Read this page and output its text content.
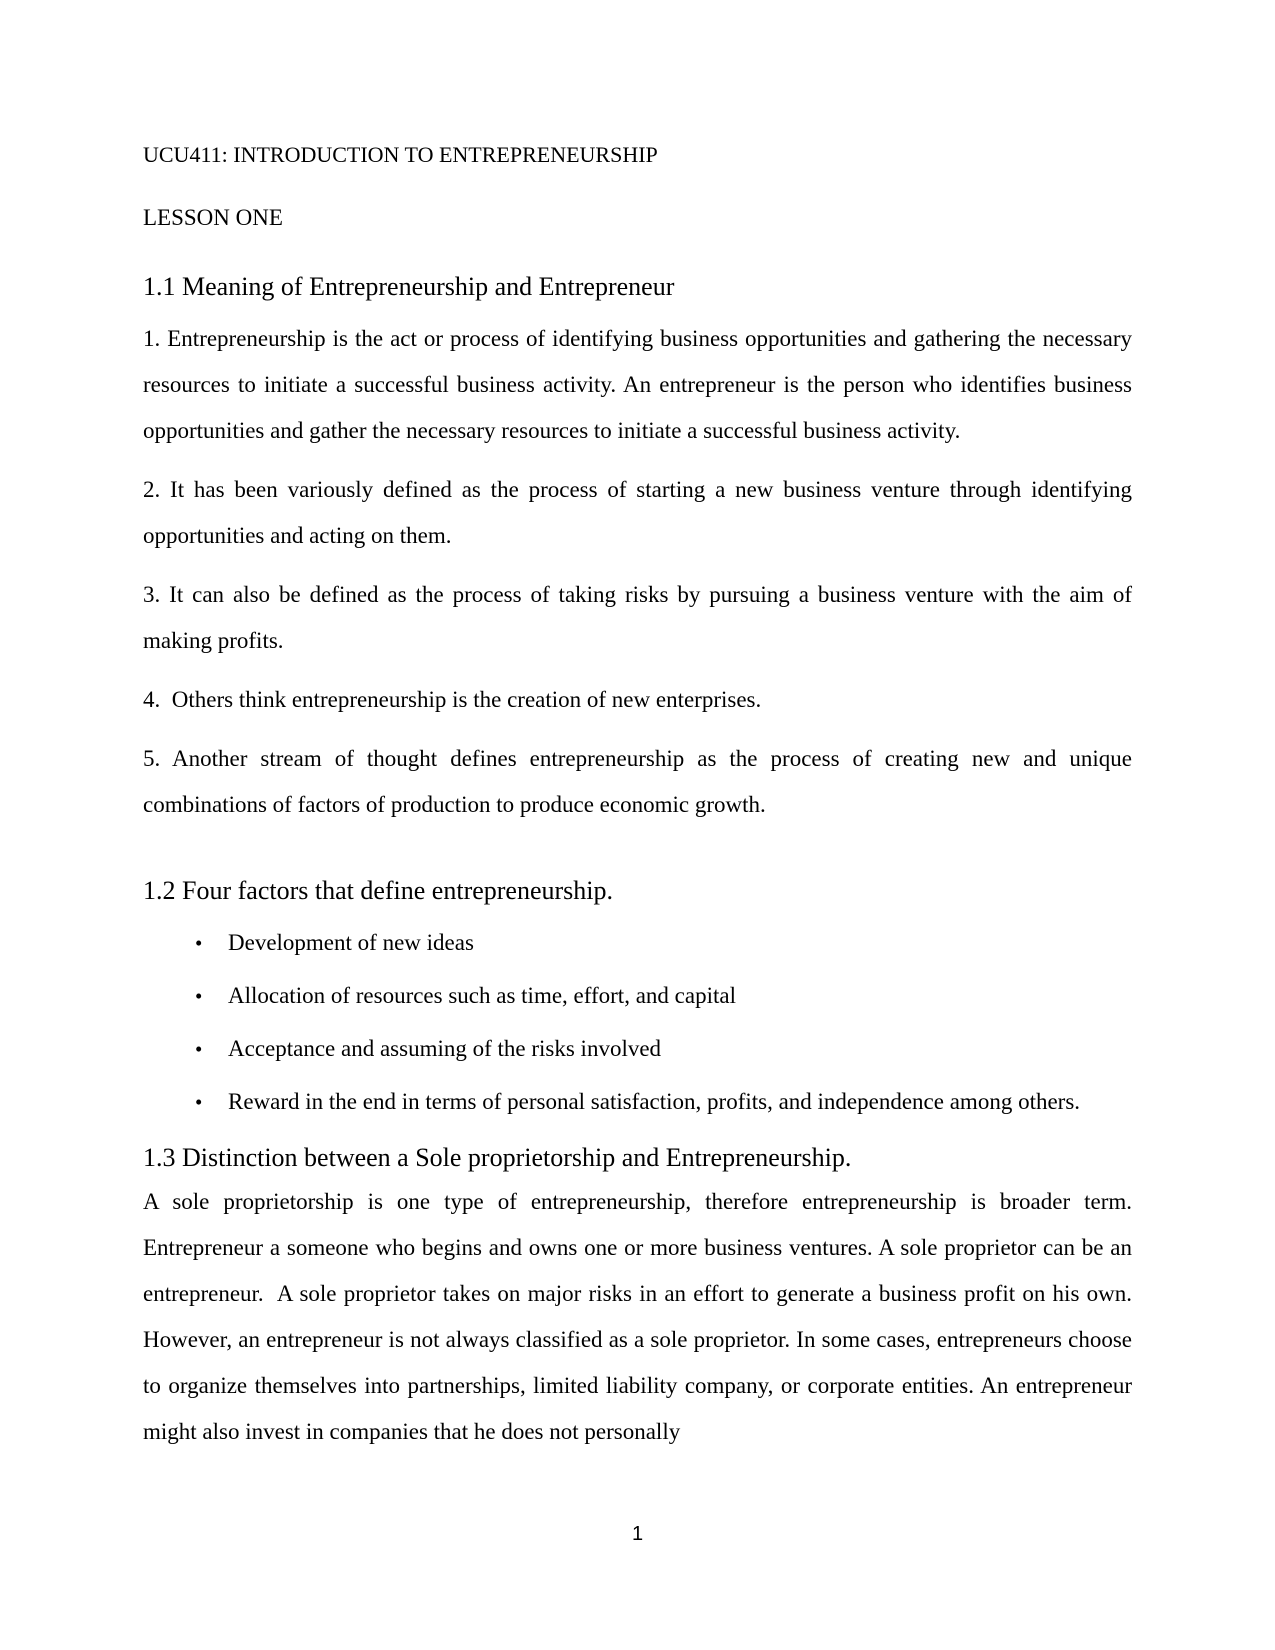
UCU411: INTRODUCTION TO ENTREPRENEURSHIP

LESSON ONE

1.1 Meaning of Entrepreneurship and Entrepreneur

1. Entrepreneurship is the act or process of identifying business opportunities and gathering the necessary resources to initiate a successful business activity. An entrepreneur is the person who identifies business opportunities and gather the necessary resources to initiate a successful business activity.

2. It has been variously defined as the process of starting a new business venture through identifying opportunities and acting on them.

3. It can also be defined as the process of taking risks by pursuing a business venture with the aim of making profits.

4.  Others think entrepreneurship is the creation of new enterprises.

5. Another stream of thought defines entrepreneurship as the process of creating new and unique combinations of factors of production to produce economic growth.

1.2 Four factors that define entrepreneurship.
• Development of new ideas
• Allocation of resources such as time, effort, and capital
• Acceptance and assuming of the risks involved
• Reward in the end in terms of personal satisfaction, profits, and independence among others.
1.3 Distinction between a Sole proprietorship and Entrepreneurship.

A sole proprietorship is one type of entrepreneurship, therefore entrepreneurship is broader term. Entrepreneur a someone who begins and owns one or more business ventures. A sole proprietor can be an entrepreneur.  A sole proprietor takes on major risks in an effort to generate a business profit on his own. However, an entrepreneur is not always classified as a sole proprietor. In some cases, entrepreneurs choose to organize themselves into partnerships, limited liability company, or corporate entities. An entrepreneur might also invest in companies that he does not personally

1
